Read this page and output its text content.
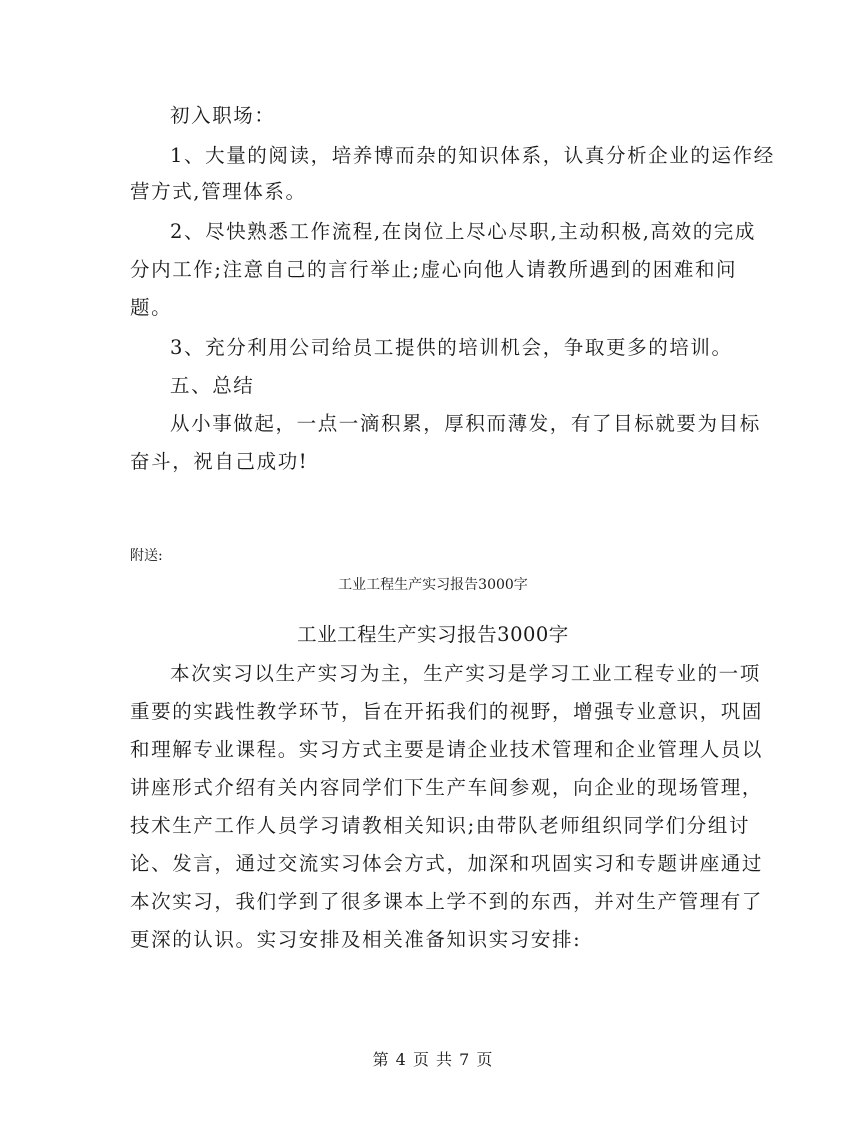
初入职场：
1、大量的阅读，培养博而杂的知识体系，认真分析企业的运作经
营方式,管理体系。
2、尽快熟悉工作流程,在岗位上尽心尽职,主动积极,高效的完成
分内工作;注意自己的言行举止;虚心向他人请教所遇到的困难和问
题。
3、充分利用公司给员工提供的培训机会，争取更多的培训。
五、总结
从小事做起，一点一滴积累，厚积而薄发，有了目标就要为目标
奋斗，祝自己成功!
附送:
工业工程生产实习报告3000字
工业工程生产实习报告3000字
本次实习以生产实习为主，生产实习是学习工业工程专业的一项
重要的实践性教学环节，旨在开拓我们的视野，增强专业意识，巩固
和理解专业课程。实习方式主要是请企业技术管理和企业管理人员以
讲座形式介绍有关内容同学们下生产车间参观，向企业的现场管理，
技术生产工作人员学习请教相关知识;由带队老师组织同学们分组讨
论、发言，通过交流实习体会方式，加深和巩固实习和专题讲座通过
本次实习，我们学到了很多课本上学不到的东西，并对生产管理有了
更深的认识。实习安排及相关准备知识实习安排:
第 4 页 共 7 页
